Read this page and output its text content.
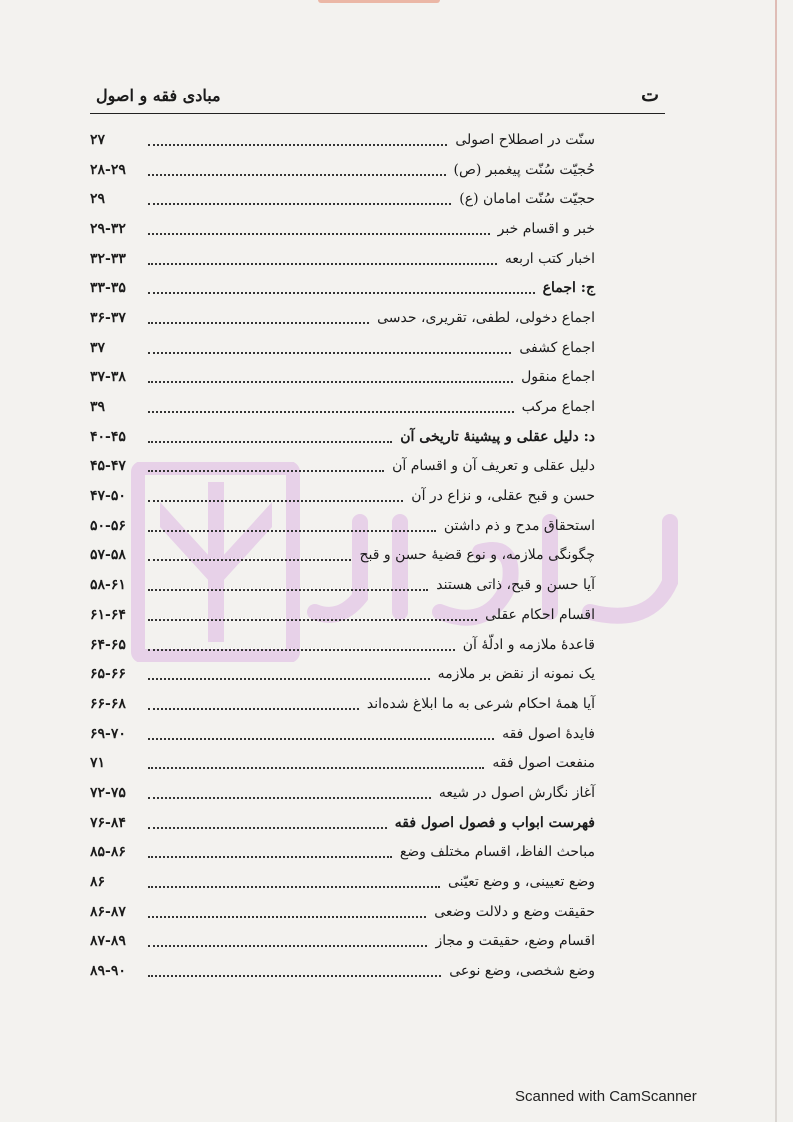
ت
مبادی فقه و اصول
سنّت در اصطلاح اصولی
۲۷
حُجیّت سُنّت پیغمبر (ص)
۲۸-۲۹
حجیّت سُنّت امامان (ع)
۲۹
خبر و اقسام خبر
۲۹-۳۲
اخبار کتب اربعه
۳۲-۳۳
ج: اجماع
۳۳-۳۵
اجماع دخولی، لطفی، تقریری، حدسی
۳۶-۳۷
اجماع کشفی
۳۷
اجماع منقول
۳۷-۳۸
اجماع مرکب
۳۹
د: دلیل عقلی و پیشینهٔ تاریخی آن
۴۰-۴۵
دلیل عقلی و تعریف آن و اقسام آن
۴۵-۴۷
حسن و قبح عقلی، و نزاع در آن
۴۷-۵۰
استحقاق مدح و ذم داشتن
۵۰-۵۶
چگونگی ملازمه، و نوع قضیهٔ حسن و قبح
۵۷-۵۸
آیا حسن و قبح، ذاتی هستند
۵۸-۶۱
اقسام احکام عقلی
۶۱-۶۴
قاعدهٔ ملازمه و ادلّهٔ آن
۶۴-۶۵
یک نمونه از نقض بر ملازمه
۶۵-۶۶
آیا همهٔ احکام شرعی به ما ابلاغ شده‌اند
۶۶-۶۸
فایدهٔ اصول فقه
۶۹-۷۰
منفعت اصول فقه
۷۱
آغاز نگارش اصول در شیعه
۷۲-۷۵
فهرست ابواب و فصول اصول فقه
۷۶-۸۴
مباحث الفاظ، اقسام مختلف وضع
۸۵-۸۶
وضع تعیینی، و وضع تعیّنی
۸۶
حقیقت وضع و دلالت وضعی
۸۶-۸۷
اقسام وضع، حقیقت و مجاز
۸۷-۸۹
وضع شخصی، وضع نوعی
۸۹-۹۰
Scanned with CamScanner
